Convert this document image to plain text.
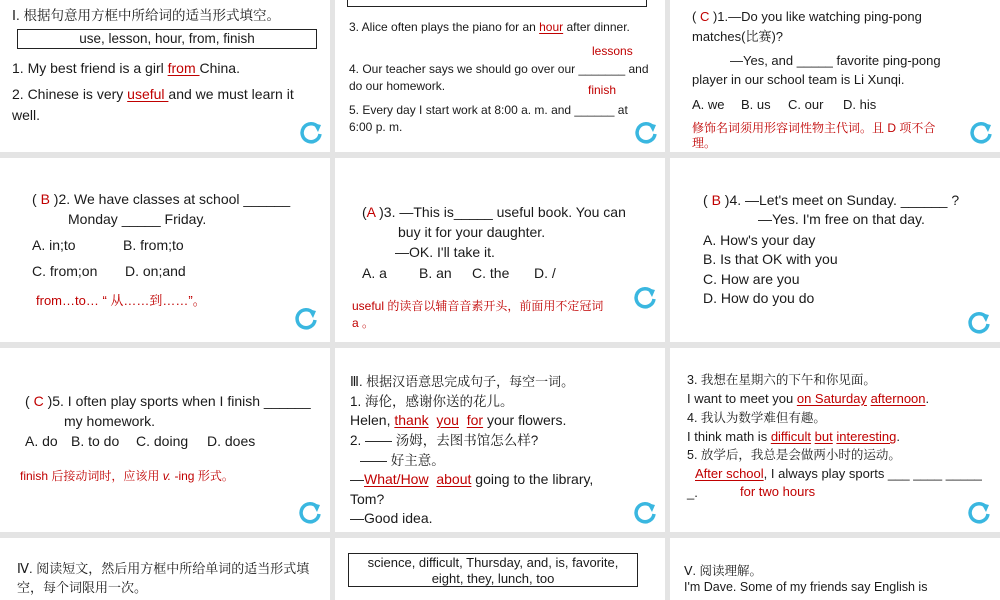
Ⅰ. 根据句意用方框中所给词的适当形式填空。
use, lesson, hour, from, finish
1. My best friend is a girl from China.
2. Chinese is very useful and we must learn it
well.
3. Alice often plays the piano for an hour after dinner.
lessons
4. Our teacher says we should go over our _______ and
do our homework.	finish
5. Every day I start work at 8:00 a. m. and ______ at
6:00 p. m.
( C )1.—Do you like watching ping-pong
matches(比赛)?
—Yes, and _____ favorite ping-pong
player in our school team is Li Xunqi.
A. we B. us C. our D. his
修饰名词须用形容词性物主代词。且 D 项不合
理。
( B )2. We have classes at school ______
Monday _____ Friday.
A. in;to	B. from;to
C. from;on D. on;and
from…to… “ 从……到……”。
(A )3. —This is_____ useful book. You can
buy it for your daughter.
—OK. I'll take it.
A. a B. an C. the D. /
useful 的读音以辅音音素开头，前面用不定冠词
a 。
( B )4. —Let's meet on Sunday. ______ ?
—Yes. I'm free on that day.
A. How's your day
B. Is that OK with you
C. How are you
D. How do you do
( C )5. I often play sports when I finish ______
my homework.
A. do B. to do C. doing D. does
finish 后接动词时，应该用 v. -ing 形式。
Ⅲ. 根据汉语意思完成句子，每空一词。
1. 海伦，感谢你送的花儿。
Helen, thank you for your flowers.
2. —— 汤姆，去图书馆怎么样?
—— 好主意。
—What/How about going to the library,
Tom?
—Good idea.
3. 我想在星期六的下午和你见面。
I want to meet you on Saturday afternoon.
4. 我认为数学难但有趣。
I think math is difficult but interesting.
5. 放学后，我总是会做两小时的运动。
After school, I always play sports ___ ____ _____
_.	for two hours
Ⅳ. 阅读短文，然后用方框中所给单词的适当形式填
空，每个词限用一次。
science, difficult, Thursday, and, is, favorite,
eight, they, lunch, too	Ⅴ. 阅读理解。
I'm Dave. Some of my friends say English is
